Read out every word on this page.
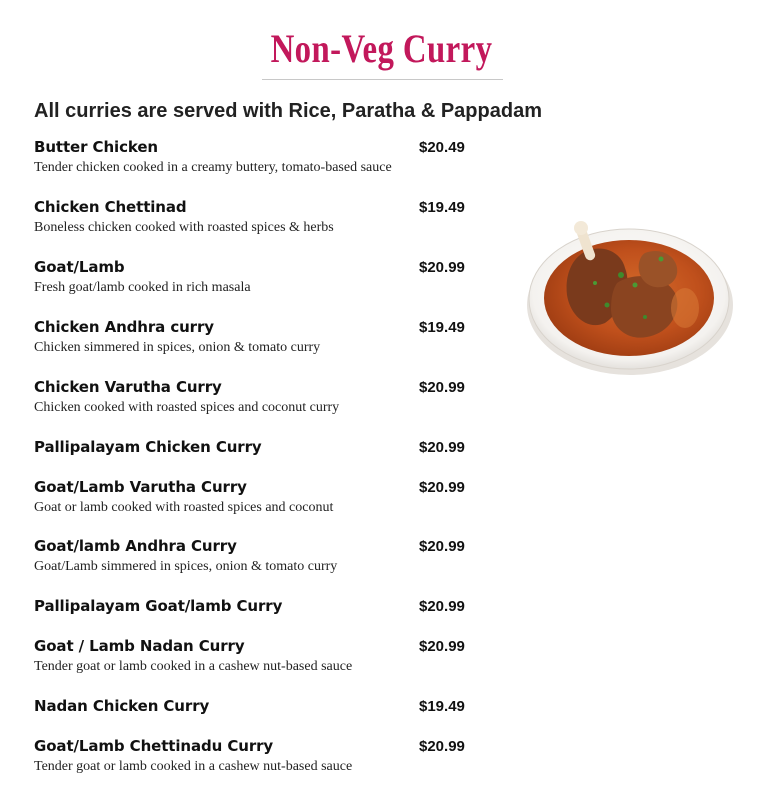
Non-Veg Curry
All curries are served with Rice, Paratha & Pappadam
Butter Chicken	$20.49
Tender chicken cooked in a creamy buttery, tomato-based sauce
Chicken Chettinad	$19.49
Boneless chicken cooked with roasted spices & herbs
Goat/Lamb	$20.99
Fresh goat/lamb cooked in rich masala
Chicken Andhra curry	$19.49
Chicken simmered in spices, onion & tomato curry
Chicken Varutha Curry	$20.99
Chicken cooked with roasted spices and coconut curry
Pallipalayam Chicken Curry	$20.99
Goat/Lamb Varutha Curry	$20.99
Goat or lamb cooked with roasted spices and coconut
Goat/lamb Andhra Curry	$20.99
Goat/Lamb simmered in spices, onion & tomato curry
Pallipalayam Goat/lamb Curry	$20.99
Goat / Lamb Nadan Curry	$20.99
Tender goat or lamb cooked in a cashew nut-based sauce
Nadan Chicken Curry	$19.49
Goat/Lamb Chettinadu Curry	$20.99
Tender goat or lamb cooked in a cashew nut-based sauce
